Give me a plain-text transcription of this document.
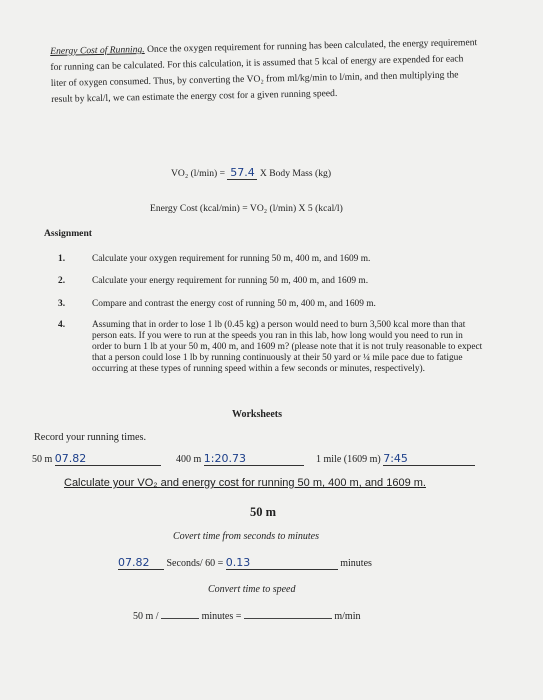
Energy Cost of Running. Once the oxygen requirement for running has been calculated, the energy requirement for running can be calculated. For this calculation, it is assumed that 5 kcal of energy are expended for each liter of oxygen consumed. Thus, by converting the VO₂ from ml/kg/min to l/min, and then multiplying the result by kcal/l, we can estimate the energy cost for a given running speed.
VO₂ (l/min) = 57.4 X Body Mass (kg)
Energy Cost (kcal/min) = VO₂ (l/min) X 5 (kcal/l)
Assignment
1.	Calculate your oxygen requirement for running 50 m, 400 m, and 1609 m.
2.	Calculate your energy requirement for running 50 m, 400 m, and 1609 m.
3.	Compare and contrast the energy cost of running 50 m, 400 m, and 1609 m.
4.	Assuming that in order to lose 1 lb (0.45 kg) a person would need to burn 3,500 kcal more than that person eats. If you were to run at the speeds you ran in this lab, how long would you need to run in order to burn 1 lb at your 50 m, 400 m, and 1609 m? (please note that it is not truly reasonable to expect that a person could lose 1 lb by running continuously at their 50 yard or ¼ mile pace due to fatigue occurring at these types of running speed within a few seconds or minutes, respectively).
Worksheets
Record your running times.
50 m 07.82	400 m 1:20.73	1 mile (1609 m) 7:45
Calculate your VO₂ and energy cost for running 50 m, 400 m, and 1609 m.
50 m
Covert time from seconds to minutes
07.82 Seconds/ 60 = 0.13	minutes
Convert time to speed
50 m /	minutes =	m/min
